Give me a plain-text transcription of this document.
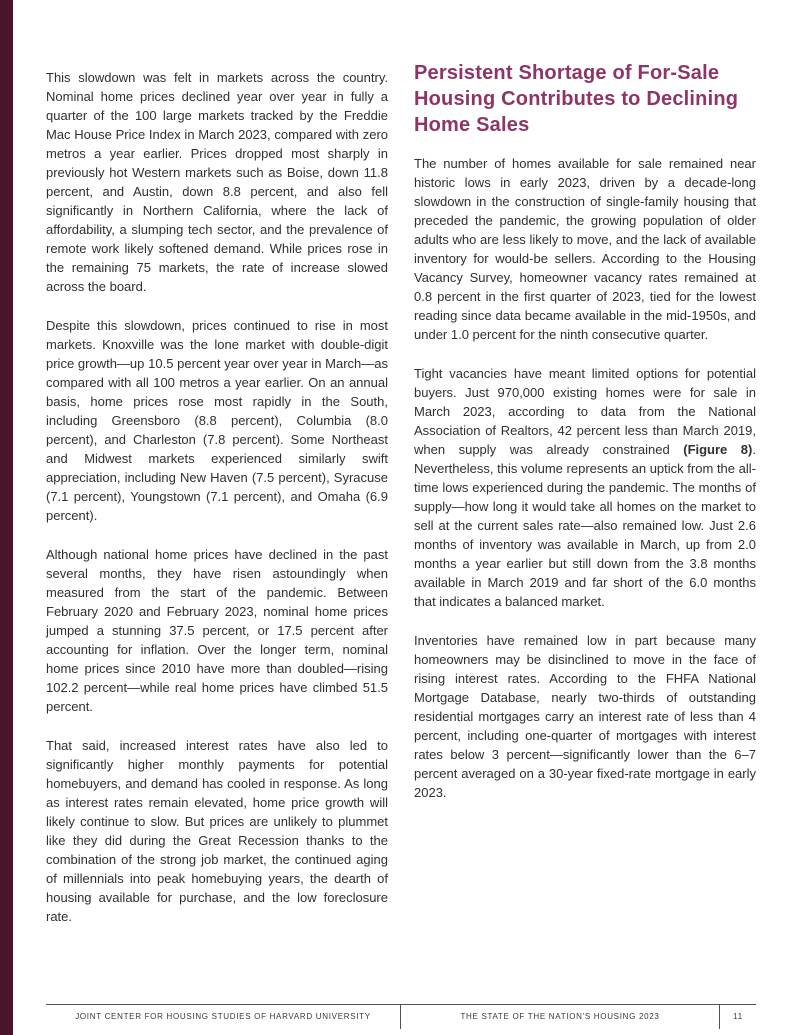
This slowdown was felt in markets across the country. Nominal home prices declined year over year in fully a quarter of the 100 large markets tracked by the Freddie Mac House Price Index in March 2023, compared with zero metros a year earlier. Prices dropped most sharply in previously hot Western markets such as Boise, down 11.8 percent, and Austin, down 8.8 percent, and also fell significantly in Northern California, where the lack of affordability, a slumping tech sector, and the prevalence of remote work likely softened demand. While prices rose in the remaining 75 markets, the rate of increase slowed across the board.

Despite this slowdown, prices continued to rise in most markets. Knoxville was the lone market with double-digit price growth—up 10.5 percent year over year in March—as compared with all 100 metros a year earlier. On an annual basis, home prices rose most rapidly in the South, including Greensboro (8.8 percent), Columbia (8.0 percent), and Charleston (7.8 percent). Some Northeast and Midwest markets experienced similarly swift appreciation, including New Haven (7.5 percent), Syracuse (7.1 percent), Youngstown (7.1 percent), and Omaha (6.9 percent).

Although national home prices have declined in the past several months, they have risen astoundingly when measured from the start of the pandemic. Between February 2020 and February 2023, nominal home prices jumped a stunning 37.5 percent, or 17.5 percent after accounting for inflation. Over the longer term, nominal home prices since 2010 have more than doubled—rising 102.2 percent—while real home prices have climbed 51.5 percent.

That said, increased interest rates have also led to significantly higher monthly payments for potential homebuyers, and demand has cooled in response. As long as interest rates remain elevated, home price growth will likely continue to slow. But prices are unlikely to plummet like they did during the Great Recession thanks to the combination of the strong job market, the continued aging of millennials into peak homebuying years, the dearth of housing available for purchase, and the low foreclosure rate.

Persistent Shortage of For-Sale Housing Contributes to Declining Home Sales

The number of homes available for sale remained near historic lows in early 2023, driven by a decade-long slowdown in the construction of single-family housing that preceded the pandemic, the growing population of older adults who are less likely to move, and the lack of available inventory for would-be sellers. According to the Housing Vacancy Survey, homeowner vacancy rates remained at 0.8 percent in the first quarter of 2023, tied for the lowest reading since data became available in the mid-1950s, and under 1.0 percent for the ninth consecutive quarter.

Tight vacancies have meant limited options for potential buyers. Just 970,000 existing homes were for sale in March 2023, according to data from the National Association of Realtors, 42 percent less than March 2019, when supply was already constrained (Figure 8). Nevertheless, this volume represents an uptick from the all-time lows experienced during the pandemic. The months of supply—how long it would take all homes on the market to sell at the current sales rate—also remained low. Just 2.6 months of inventory was available in March, up from 2.0 months a year earlier but still down from the 3.8 months available in March 2019 and far short of the 6.0 months that indicates a balanced market.

Inventories have remained low in part because many homeowners may be disinclined to move in the face of rising interest rates. According to the FHFA National Mortgage Database, nearly two-thirds of outstanding residential mortgages carry an interest rate of less than 4 percent, including one-quarter of mortgages with interest rates below 3 percent—significantly lower than the 6–7 percent averaged on a 30-year fixed-rate mortgage in early 2023.

JOINT CENTER FOR HOUSING STUDIES OF HARVARD UNIVERSITY	THE STATE OF THE NATION'S HOUSING 2023	11
